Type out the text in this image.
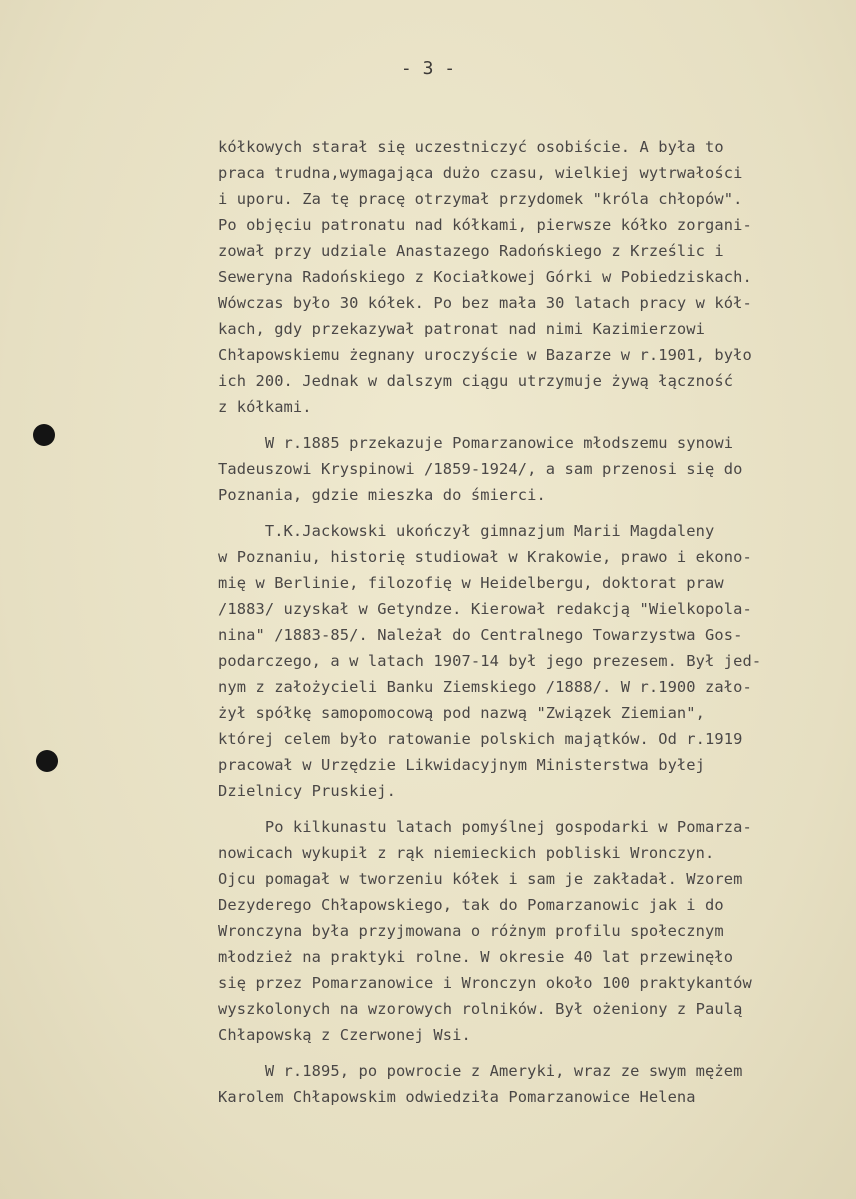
- 3 -
kółkowych starał się uczestniczyć osobiście. A była to
praca trudna,wymagająca dużo czasu, wielkiej wytrwałości
i uporu. Za tę pracę otrzymał przydomek "króla chłopów".
Po objęciu patronatu nad kółkami, pierwsze kółko zorgani-
zował przy udziale Anastazego Radońskiego z Krześlic i
Seweryna Radońskiego z Kociałkowej Górki w Pobiedziskach.
Wówczas było 30 kółek. Po bez mała 30 latach pracy w kół-
kach, gdy przekazywał patronat nad nimi Kazimierzowi
Chłapowskiemu żegnany uroczyście w Bazarze w r.1901, było
ich 200. Jednak w dalszym ciągu utrzymuje żywą łączność
z kółkami.
W r.1885 przekazuje Pomarzanowice młodszemu synowi
Tadeuszowi Kryspinowi /1859-1924/, a sam przenosi się do
Poznania, gdzie mieszka do śmierci.
T.K.Jackowski ukończył gimnazjum Marii Magdaleny
w Poznaniu, historię studiował w Krakowie, prawo i ekono-
mię w Berlinie, filozofię w Heidelbergu, doktorat praw
/1883/ uzyskał w Getyndze. Kierował redakcją "Wielkopola-
nina" /1883-85/. Należał do Centralnego Towarzystwa Gos-
podarczego, a w latach 1907-14 był jego prezesem. Był jed-
nym z założycieli Banku Ziemskiego /1888/. W r.1900 zało-
żył spółkę samopomocową pod nazwą "Związek Ziemian",
której celem było ratowanie polskich majątków. Od r.1919
pracował w Urzędzie Likwidacyjnym Ministerstwa byłej
Dzielnicy Pruskiej.
Po kilkunastu latach pomyślnej gospodarki w Pomarza-
nowicach wykupił z rąk niemieckich pobliski Wronczyn.
Ojcu pomagał w tworzeniu kółek i sam je zakładał. Wzorem
Dezyderego Chłapowskiego, tak do Pomarzanowic jak i do
Wronczyna była przyjmowana o różnym profilu społecznym
młodzież na praktyki rolne. W okresie 40 lat przewinęło
się przez Pomarzanowice i Wronczyn około 100 praktykantów
wyszkolonych na wzorowych rolników. Był ożeniony z Paulą
Chłapowską z Czerwonej Wsi.
W r.1895, po powrocie z Ameryki, wraz ze swym mężem
Karolem Chłapowskim odwiedziła Pomarzanowice Helena
